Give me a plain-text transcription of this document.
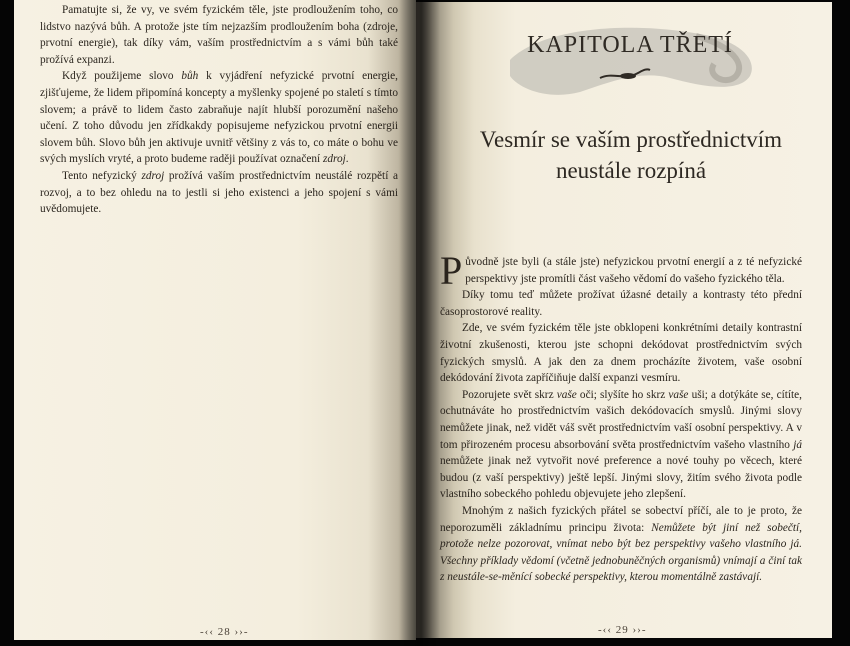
Pamatujte si, že vy, ve svém fyzickém těle, jste prodloužením toho, co lidstvo nazývá bůh. A protože jste tím nejzazším prodloužením boha (zdroje, prvotní energie), tak díky vám, vaším prostřednictvím a s vámi bůh také prožívá expanzi.

Když použijeme slovo bůh k vyjádření nefyzické prvotní energie, zjišťujeme, že lidem připomíná koncepty a myšlenky spojené po staletí s tímto slovem; a právě to lidem často zabraňuje najít hlubší porozumění našeho učení. Z toho důvodu jen zřídkakdy popisujeme nefyzickou prvotní energii slovem bůh. Slovo bůh jen aktivuje uvnitř většiny z vás to, co máte o bohu ve svých myslích vryté, a proto budeme raději používat označení zdroj.

Tento nefyzický zdroj prožívá vaším prostřednictvím neustálé rozpětí a rozvoj, a to bez ohledu na to jestli si jeho existenci a jeho spojení s vámi uvědomujete.

-‹‹ 28 ››-
KAPITOLA TŘETÍ
Vesmír se vaším prostřednictvím neustále rozpíná

Původně jste byli (a stále jste) nefyzickou prvotní energií a z té nefyzické perspektivy jste promítli část vašeho vědomí do vašeho fyzického těla.

Díky tomu teď můžete prožívat úžasné detaily a kontrasty této přední časoprostorové reality.

Zde, ve svém fyzickém těle jste obklopeni konkrétními detaily kontrastní životní zkušenosti, kterou jste schopni dekódovat prostřednictvím svých fyzických smyslů. A jak den za dnem procházíte životem, vaše osobní dekódování života zapříčiňuje další expanzi vesmíru.

Pozorujete svět skrz vaše oči; slyšíte ho skrz vaše uši; a dotýkáte se, cítíte, ochutnáváte ho prostřednictvím vašich dekódovacích smyslů. Jinými slovy nemůžete jinak, než vidět váš svět prostřednictvím vaší osobní perspektivy. A v tom přirozeném procesu absorbování světa prostřednictvím vašeho vlastního já nemůžete jinak než vytvořit nové preference a nové touhy po věcech, které budou (z vaší perspektivy) ještě lepší. Jinými slovy, žitím svého života podle vlastního sobeckého pohledu objevujete jeho zlepšení.

Mnohým z našich fyzických přátel se sobectví příčí, ale to je proto, že neporozuměli základnímu principu života: Nemůžete být jiní než sobečtí, protože nelze pozorovat, vnímat nebo být bez perspektivy vašeho vlastního já. Všechny příklady vědomí (včetně jednobuněčných organismů) vnímají a činí tak z neustále-se-měnící sobecké perspektivy, kterou momentálně zastávají.

-‹‹ 29 ››-
